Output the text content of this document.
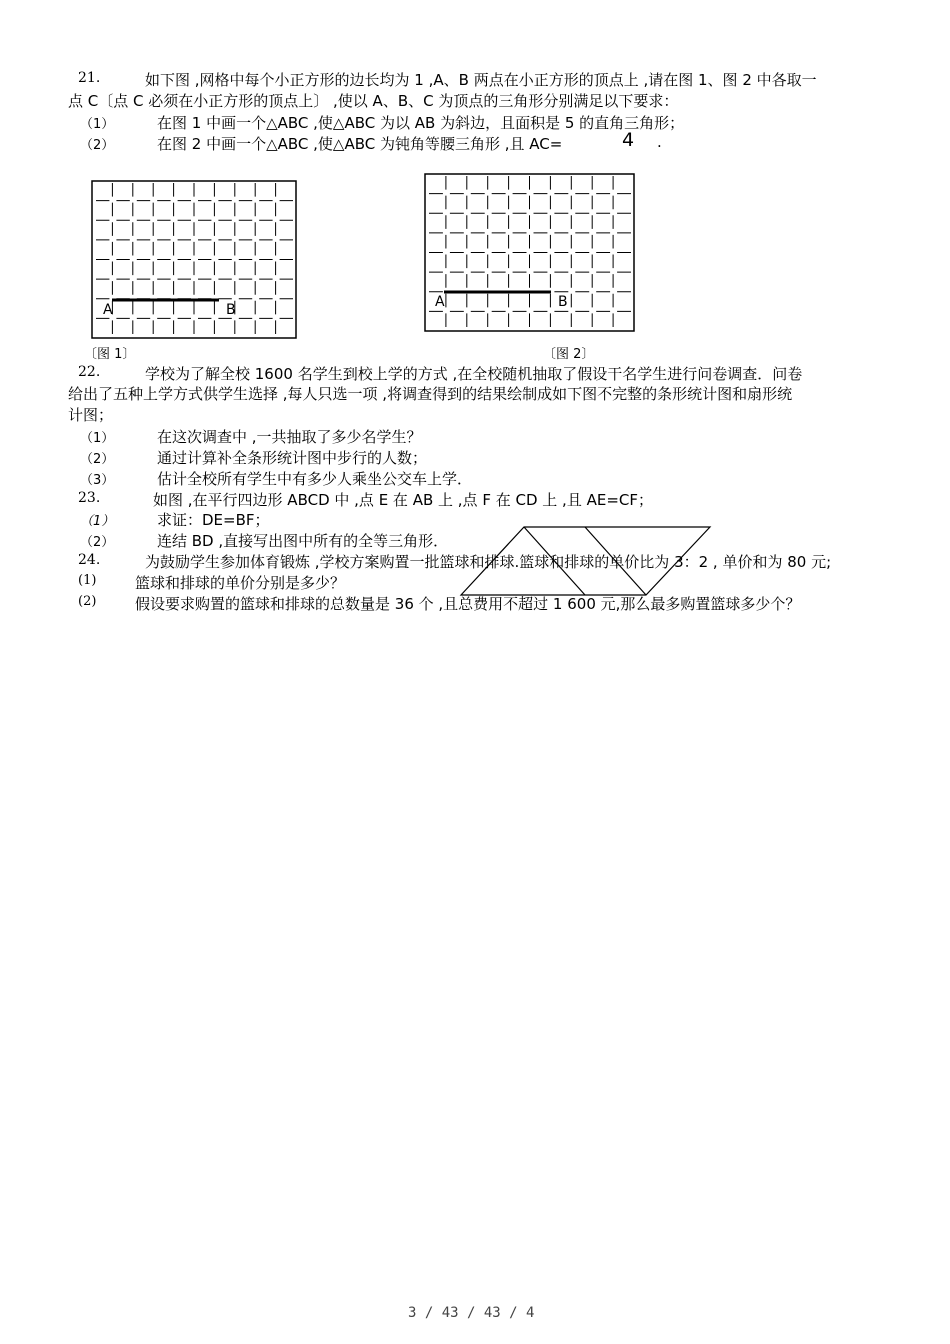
21.	如下图 ,网格中每个小正方形的边长均为 1 ,A、B 两点在小正方形的顶点上 ,请在图 1、图 2 中各取一
点 C〔点 C 必须在小正方形的顶点上〕 ,使以 A、B、C 为顶点的三角形分别满足以下要求：
（1）	在图 1 中画一个△ABC ,使△ABC 为以 AB 为斜边，且面积是 5 的直角三角形；
（2）	在图 2 中画一个△ABC ,使△ABC 为钝角等腰三角形 ,且 AC=	4 .
A	B
〔图 1〕
A	B
〔图 2〕
22.	学校为了解全校 1600 名学生到校上学的方式 ,在全校随机抽取了假设干名学生进行问卷调查．问卷
给出了五种上学方式供学生选择 ,每人只选一项 ,将调查得到的结果绘制成如下图不完整的条形统计图和扇形统
计图；
（1）	在这次调查中 ,一共抽取了多少名学生？
（2）	通过计算补全条形统计图中步行的人数；
（3）	估计全校所有学生中有多少人乘坐公交车上学．
23.	如图 ,在平行四边形 ABCD 中 ,点 E 在 AB 上 ,点 F 在 CD 上 ,且 AE=CF；
（1）	求证：DE=BF；
（2）	连结 BD ,直接写出图中所有的全等三角形．
24.	为鼓励学生参加体育锻炼 ,学校方案购置一批篮球和排球.篮球和排球的单价比为 3：2 , 单价和为 80 元;
(1)	篮球和排球的单价分别是多少？
(2)	假设要求购置的篮球和排球的总数量是 36 个 ,且总费用不超过 1 600 元,那么最多购置篮球多少个？
3 / 43 / 43 / 4
